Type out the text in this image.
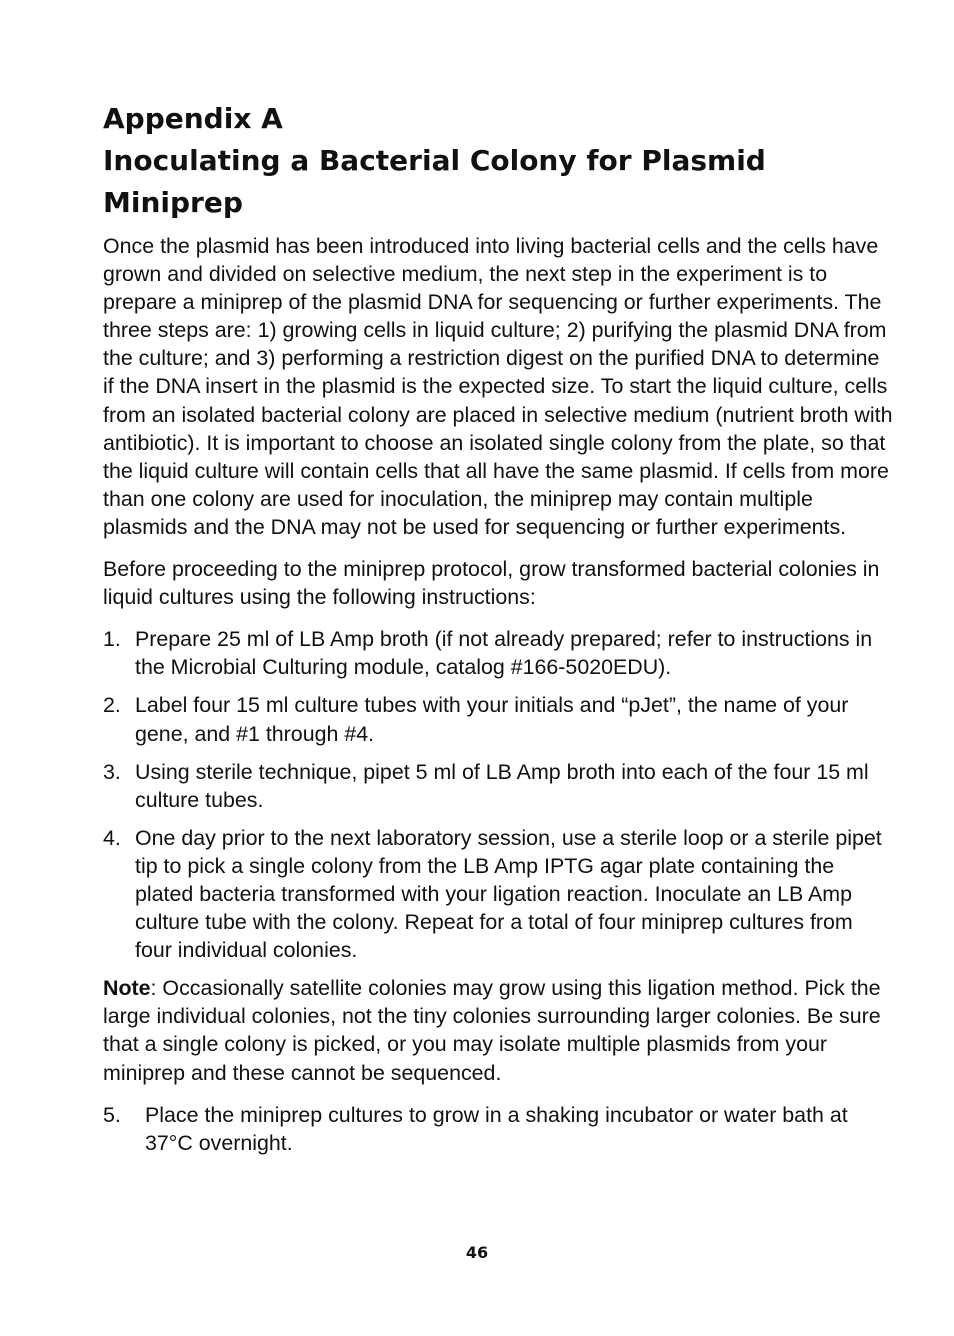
Appendix A
Inoculating a Bacterial Colony for Plasmid
Miniprep

Once the plasmid has been introduced into living bacterial cells and the cells have grown and divided on selective medium, the next step in the experiment is to prepare a miniprep of the plasmid DNA for sequencing or further experiments. The three steps are: 1) growing cells in liquid culture; 2) purifying the plasmid DNA from the culture; and 3) performing a restriction digest on the purified DNA to determine if the DNA insert in the plasmid is the expected size. To start the liquid culture, cells from an isolated bacterial colony are placed in selective medium (nutrient broth with antibiotic). It is important to choose an isolated single colony from the plate, so that the liquid culture will contain cells that all have the same plasmid. If cells from more than one colony are used for inoculation, the miniprep may contain multiple plasmids and the DNA may not be used for sequencing or further experiments.

Before proceeding to the miniprep protocol, grow transformed bacterial colonies in liquid cultures using the following instructions:

1. Prepare 25 ml of LB Amp broth (if not already prepared; refer to instructions in the Microbial Culturing module, catalog #166-5020EDU).
2. Label four 15 ml culture tubes with your initials and “pJet”, the name of your gene, and #1 through #4.
3. Using sterile technique, pipet 5 ml of LB Amp broth into each of the four 15 ml culture tubes.
4. One day prior to the next laboratory session, use a sterile loop or a sterile pipet tip to pick a single colony from the LB Amp IPTG agar plate containing the plated bacteria transformed with your ligation reaction. Inoculate an LB Amp culture tube with the colony. Repeat for a total of four miniprep cultures from four individual colonies.

Note: Occasionally satellite colonies may grow using this ligation method. Pick the large individual colonies, not the tiny colonies surrounding larger colonies. Be sure that a single colony is picked, or you may isolate multiple plasmids from your miniprep and these cannot be sequenced.

5. Place the miniprep cultures to grow in a shaking incubator or water bath at 37°C overnight.
46
